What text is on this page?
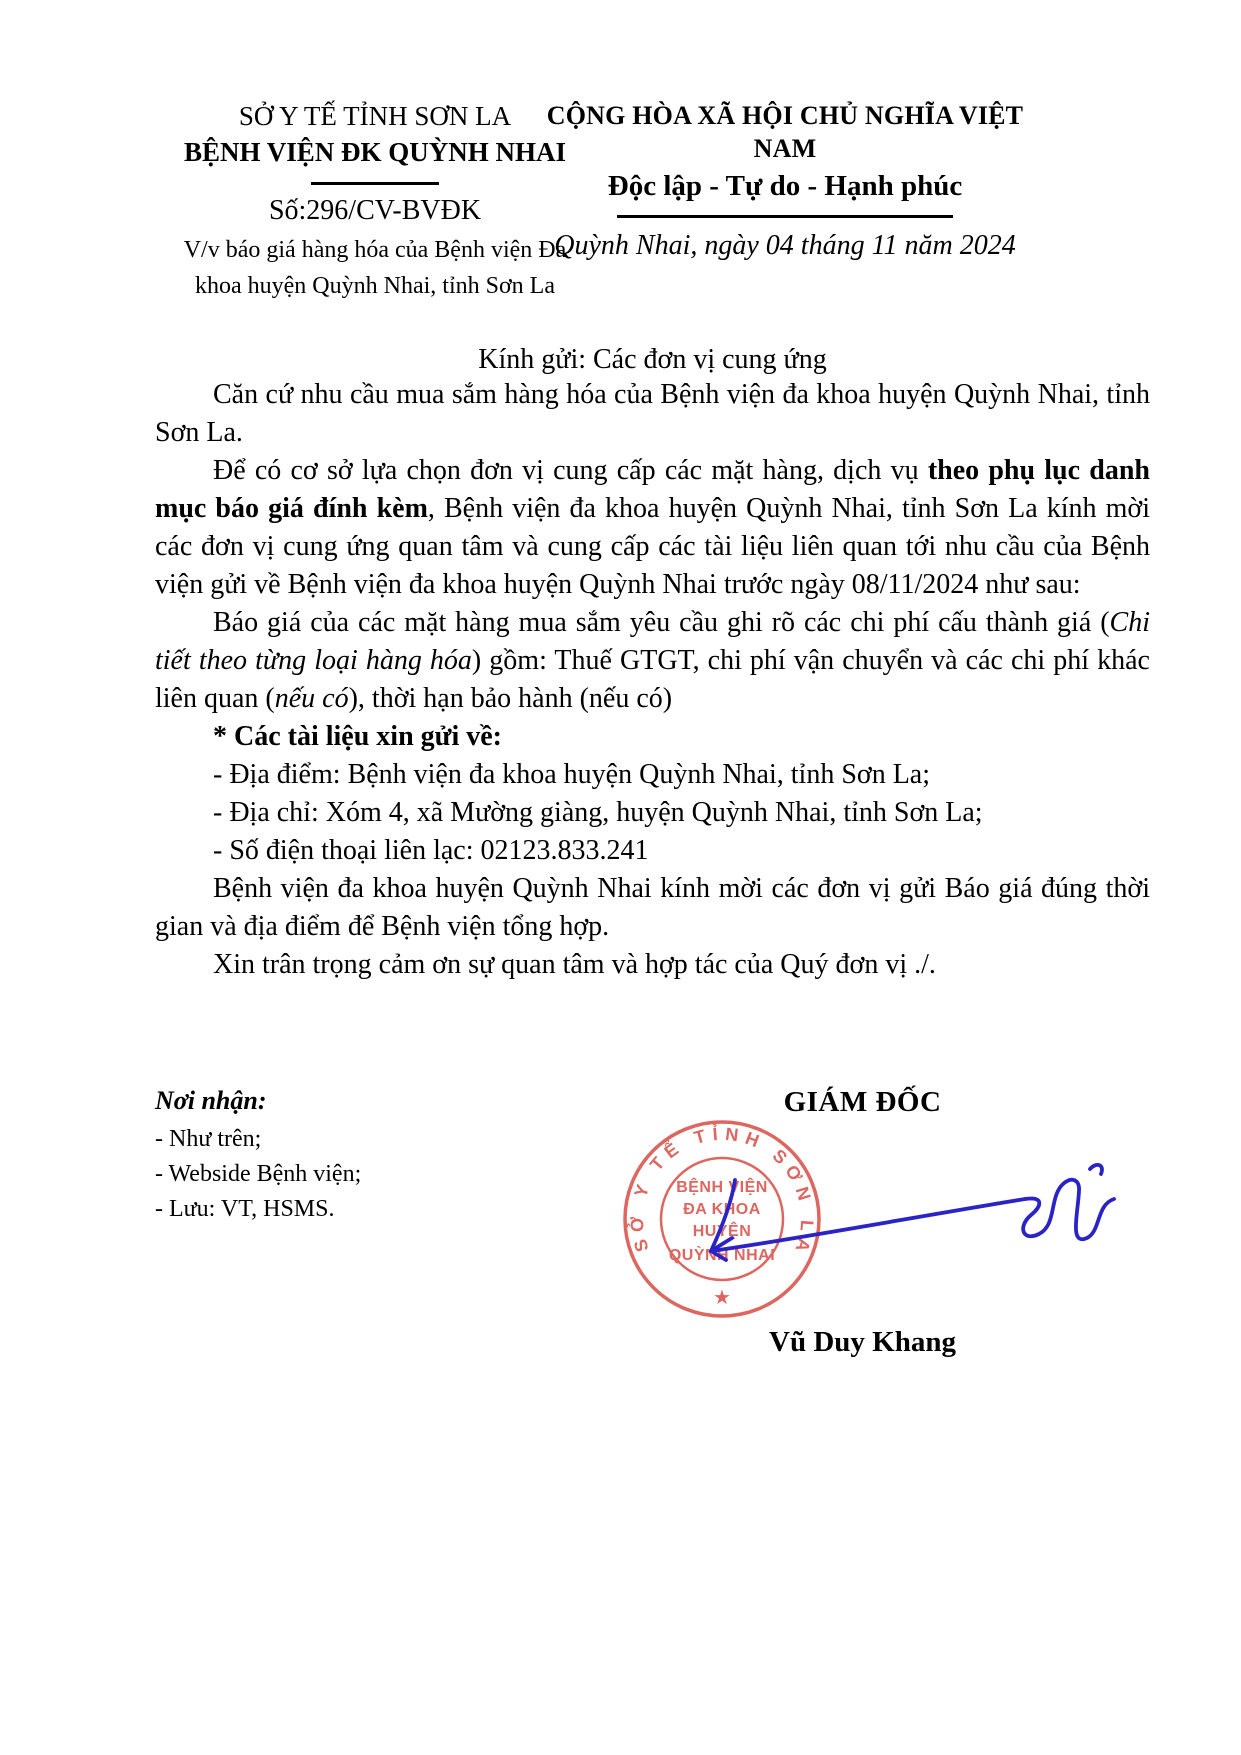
SỞ Y TẾ TỈNH SƠN LA
BỆNH VIỆN ĐK QUỲNH NHAI
Số:296/CV-BVĐK
V/v báo giá hàng hóa của Bệnh viện Đa khoa huyện Quỳnh Nhai, tỉnh Sơn La
CỘNG HÒA XÃ HỘI CHỦ NGHĨA VIỆT NAM
Độc lập - Tự do - Hạnh phúc
Quỳnh Nhai, ngày 04 tháng 11 năm 2024
Kính gửi: Các đơn vị cung ứng

Căn cứ nhu cầu mua sắm hàng hóa của Bệnh viện đa khoa huyện Quỳnh Nhai, tỉnh Sơn La.

Để có cơ sở lựa chọn đơn vị cung cấp các mặt hàng, dịch vụ theo phụ lục danh mục báo giá đính kèm, Bệnh viện đa khoa huyện Quỳnh Nhai, tỉnh Sơn La kính mời các đơn vị cung ứng quan tâm và cung cấp các tài liệu liên quan tới nhu cầu của Bệnh viện gửi về Bệnh viện đa khoa huyện Quỳnh Nhai trước ngày 08/11/2024 như sau:

Báo giá của các mặt hàng mua sắm yêu cầu ghi rõ các chi phí cấu thành giá (Chi tiết theo từng loại hàng hóa) gồm: Thuế GTGT, chi phí vận chuyển và các chi phí khác liên quan (nếu có), thời hạn bảo hành (nếu có)

* Các tài liệu xin gửi về:

- Địa điểm: Bệnh viện đa khoa huyện Quỳnh Nhai, tỉnh Sơn La;

- Địa chỉ: Xóm 4, xã Mường giàng, huyện Quỳnh Nhai, tỉnh Sơn La;

- Số điện thoại liên lạc: 02123.833.241

Bệnh viện đa khoa huyện Quỳnh Nhai kính mời các đơn vị gửi Báo giá đúng thời gian và địa điểm để Bệnh viện tổng hợp.

Xin trân trọng cảm ơn sự quan tâm và hợp tác của Quý đơn vị ./.

Nơi nhận:
- Như trên;
- Webside Bệnh viện;
- Lưu: VT, HSMS.
GIÁM ĐỐC
SỞ Y TẾ TỈNH SƠN LA
BỆNH VIỆN
ĐA KHOA
HUYỆN
QUỲNH NHAI
★
Vũ Duy Khang
